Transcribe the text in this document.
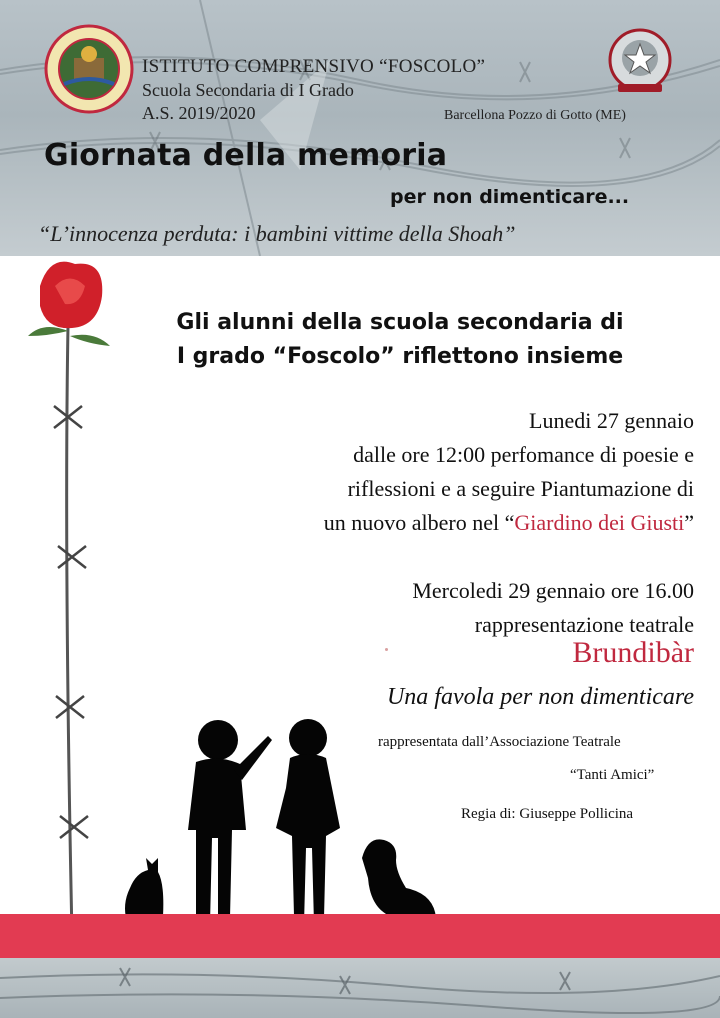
ISTITUTO COMPRENSIVO “FOSCOLO”
Scuola Secondaria di I Grado
A.S. 2019/2020	Barcellona Pozzo di Gotto (ME)
Giornata della memoria
per non dimenticare...
“L’innocenza perduta: i bambini vittime della Shoah”
Gli alunni della scuola secondaria di
I grado “Foscolo” riflettono insieme
Lunedi 27 gennaio
dalle ore 12:00 perfomance di poesie e
riflessioni e a seguire Piantumazione di
un nuovo albero nel “Giardino dei Giusti”
Mercoledi 29 gennaio ore 16.00
rappresentazione teatrale
Brundibàr
Una favola per non dimenticare
rappresentata dall’Associazione Teatrale
“Tanti Amici”
Regia di: Giuseppe Pollicina
